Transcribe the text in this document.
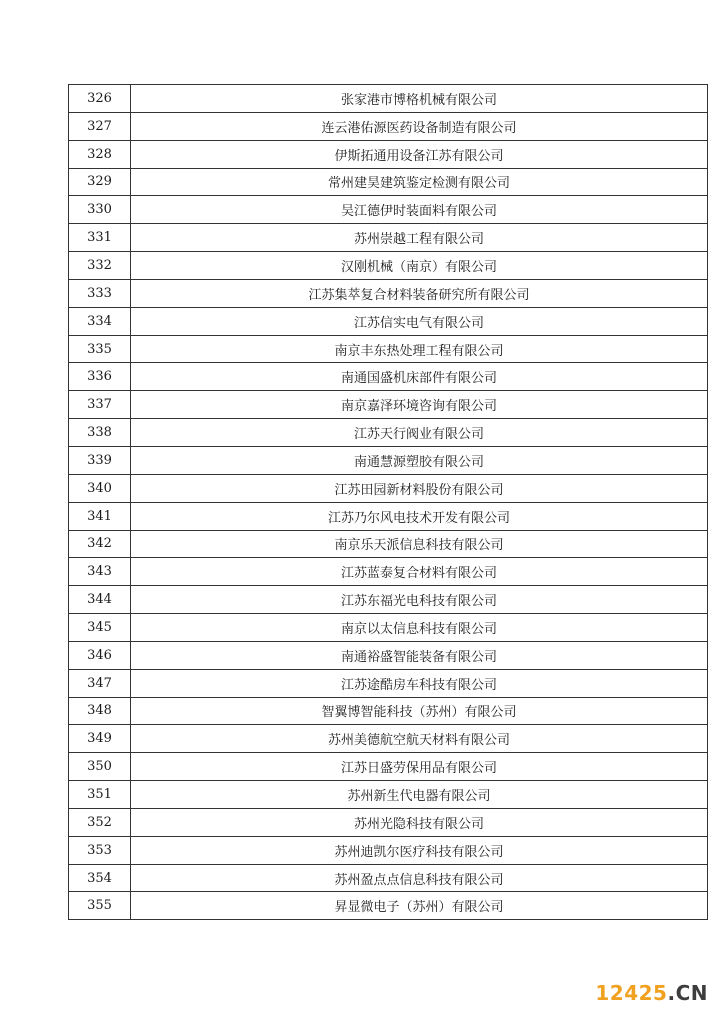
326	张家港市博格机械有限公司
327	连云港佑源医药设备制造有限公司
328	伊斯拓通用设备江苏有限公司
329	常州建昊建筑鉴定检测有限公司
330	吴江德伊时装面料有限公司
331	苏州崇越工程有限公司
332	汉刚机械（南京）有限公司
333	江苏集萃复合材料装备研究所有限公司
334	江苏信实电气有限公司
335	南京丰东热处理工程有限公司
336	南通国盛机床部件有限公司
337	南京嘉泽环境咨询有限公司
338	江苏天行阀业有限公司
339	南通慧源塑胶有限公司
340	江苏田园新材料股份有限公司
341	江苏乃尔风电技术开发有限公司
342	南京乐天派信息科技有限公司
343	江苏蓝泰复合材料有限公司
344	江苏东福光电科技有限公司
345	南京以太信息科技有限公司
346	南通裕盛智能装备有限公司
347	江苏途酷房车科技有限公司
348	智翼博智能科技（苏州）有限公司
349	苏州美德航空航天材料有限公司
350	江苏日盛劳保用品有限公司
351	苏州新生代电器有限公司
352	苏州光隐科技有限公司
353	苏州迪凯尔医疗科技有限公司
354	苏州盈点点信息科技有限公司
355	昇显微电子（苏州）有限公司
12425.CN
